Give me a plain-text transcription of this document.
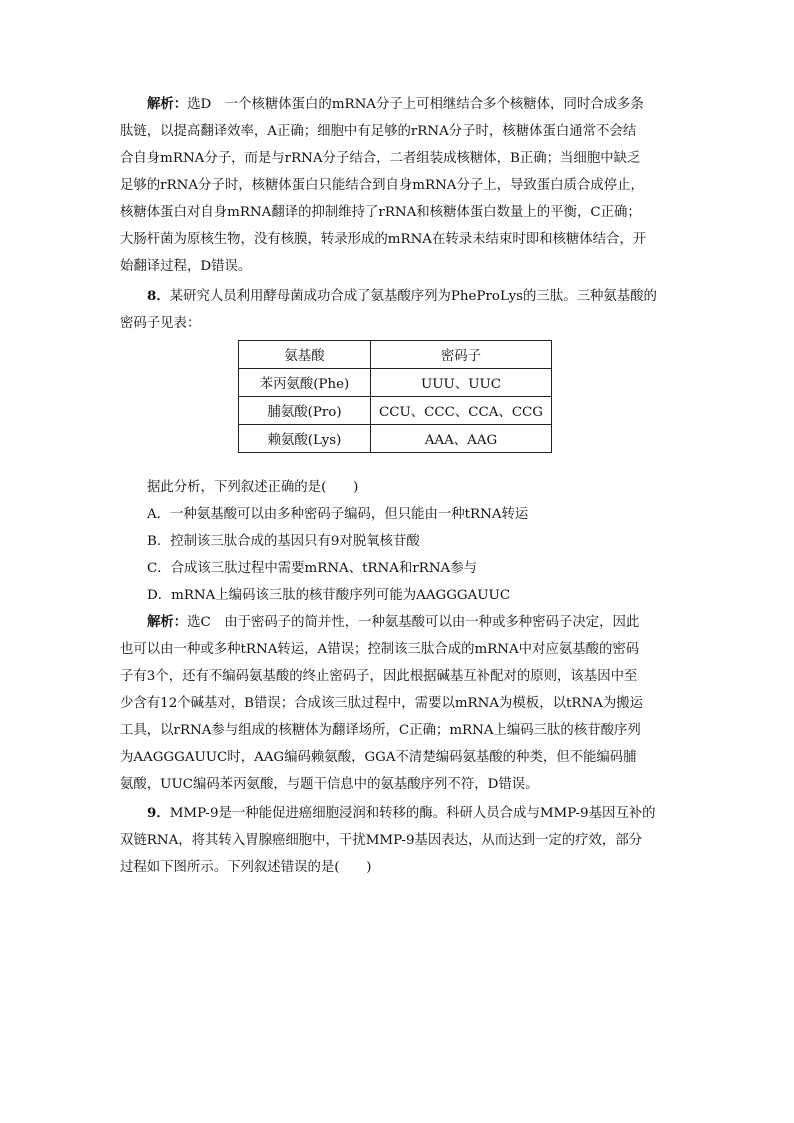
解析：选D　一个核糖体蛋白的mRNA分子上可相继结合多个核糖体，同时合成多条
肽链，以提高翻译效率，A正确；细胞中有足够的rRNA分子时，核糖体蛋白通常不会结
合自身mRNA分子，而是与rRNA分子结合，二者组装成核糖体，B正确；当细胞中缺乏
足够的rRNA分子时，核糖体蛋白只能结合到自身mRNA分子上，导致蛋白质合成停止，
核糖体蛋白对自身mRNA翻译的抑制维持了rRNA和核糖体蛋白数量上的平衡，C正确；
大肠杆菌为原核生物，没有核膜，转录形成的mRNA在转录未结束时即和核糖体结合，开
始翻译过程，D错误。
8．某研究人员利用酵母菌成功合成了氨基酸序列为PheProLys的三肽。三种氨基酸的
密码子见表：
氨基酸	密码子
苯丙氨酸(Phe)	UUU、UUC
脯氨酸(Pro)	CCU、CCC、CCA、CCG
赖氨酸(Lys)	AAA、AAG

据此分析，下列叙述正确的是(　　)

A．一种氨基酸可以由多种密码子编码，但只能由一种tRNA转运

B．控制该三肽合成的基因只有9对脱氧核苷酸

C．合成该三肽过程中需要mRNA、tRNA和rRNA参与

D．mRNA上编码该三肽的核苷酸序列可能为AAGGGAUUC

解析：选C　由于密码子的简并性，一种氨基酸可以由一种或多种密码子决定，因此
也可以由一种或多种tRNA转运，A错误；控制该三肽合成的mRNA中对应氨基酸的密码
子有3个，还有不编码氨基酸的终止密码子，因此根据碱基互补配对的原则，该基因中至
少含有12个碱基对，B错误；合成该三肽过程中，需要以mRNA为模板，以tRNA为搬运
工具，以rRNA参与组成的核糖体为翻译场所，C正确；mRNA上编码三肽的核苷酸序列
为AAGGGAUUC时，AAG编码赖氨酸，GGA不清楚编码氨基酸的种类，但不能编码脯
氨酸，UUC编码苯丙氨酸，与题干信息中的氨基酸序列不符，D错误。
9．MMP-9是一种能促进癌细胞浸润和转移的酶。科研人员合成与MMP-9基因互补的
双链RNA，将其转入胃腺癌细胞中，干扰MMP-9基因表达，从而达到一定的疗效，部分
过程如下图所示。下列叙述错误的是(　　)
